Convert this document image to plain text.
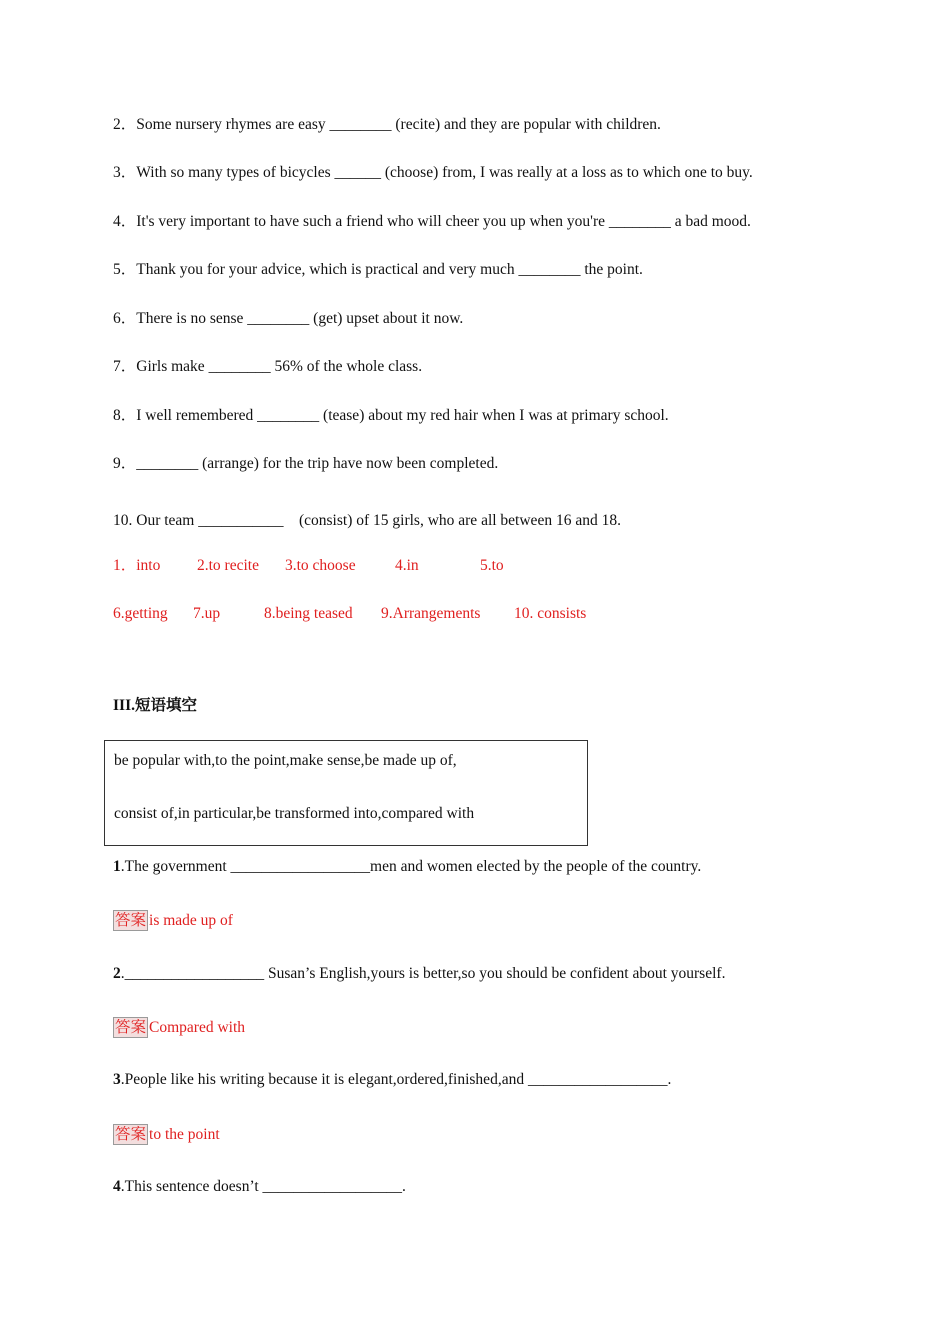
2．Some nursery rhymes are easy ________ (recite) and they are popular with children.
3．With so many types of bicycles ______ (choose) from, I was really at a loss as to which one to buy.
4．It's very important to have such a friend who will cheer you up when you're ________ a bad mood.
5．Thank you for your advice, which is practical and very much ________ the point.
6．There is no sense ________ (get) upset about it now.
7．Girls make ________ 56% of the whole class.
8．I well remembered ________ (tease) about my red hair when I was at primary school.
9．________ (arrange) for the trip have now been completed.
10. Our team ___________    (consist) of 15 girls, who are all between 16 and 18.

1．into

2.to recite

3.to choose

	4.in

	5.to

6.getting

7.up

	8.being teased

9.Arrangements

10. consists

III.短语填空
be popular with,to the point,make sense,be made up of,
consist of,in particular,be transformed into,compared with
1.The government __________________men and women elected by the people of the country.
答案 is made up of
2.__________________ Susan’s English,yours is better,so you should be confident about yourself.
答案 Compared with
3.People like his writing because it is elegant,ordered,finished,and __________________.
答案 to the point
4.This sentence doesn’t __________________.
